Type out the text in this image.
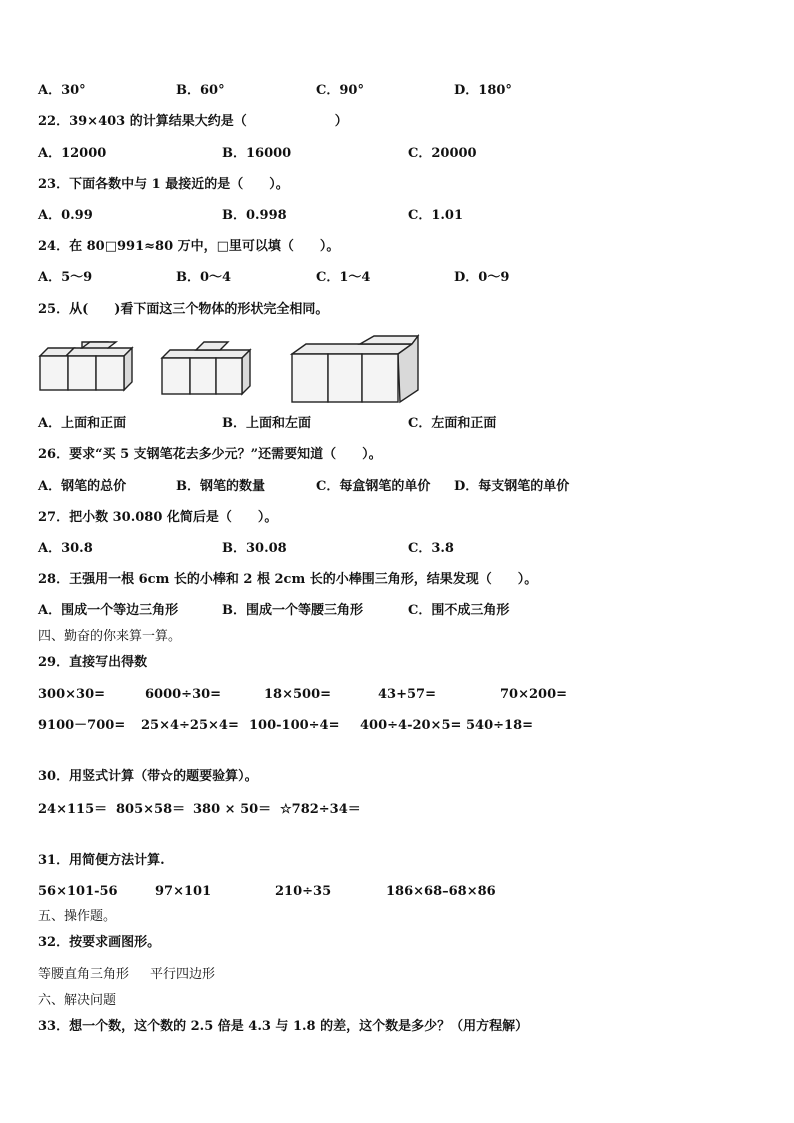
A．30°	B．60°	C．90°	D．180°
22．39×403 的计算结果大约是（	）
A．12000	B．16000	C．20000
23．下面各数中与 1 最接近的是（　　）。
A．0.99	B．0.998	C．1.01
24．在 80□991≈80 万中，□里可以填（　　）。
A．5～9	B．0～4	C．1～4	D．0～9
25．从(　　)看下面这三个物体的形状完全相同。
A．上面和正面	B．上面和左面	C．左面和正面
26．要求“买 5 支钢笔花去多少元？”还需要知道（　　）。
A．钢笔的总价	B．钢笔的数量	C．每盒钢笔的单价 D．每支钢笔的单价
27．把小数 30.080 化简后是（　　）。
A．30.8	B．30.08	C．3.8
28．王强用一根 6cm 长的小棒和 2 根 2cm 长的小棒围三角形，结果发现（　　）。
A．围成一个等边三角形	B．围成一个等腰三角形	C．围不成三角形
四、勤奋的你来算一算。
29．直接写出得数
300×30=	6000÷30=	18×500=	43+57=	70×200=
9100－700= 25×4÷25×4= 100-100÷4= 400÷4-20×5= 540÷18=
30．用竖式计算（带☆的题要验算）。
24×115＝ 805×58＝ 380 × 50＝ ☆782÷34＝
31．用简便方法计算.
56×101-56	97×101	210÷35	186×68–68×86
五、操作题。
32．按要求画图形。
等腰直角三角形 平行四边形
六、解决问题
33．想一个数，这个数的 2.5 倍是 4.3 与 1.8 的差，这个数是多少？（用方程解）
